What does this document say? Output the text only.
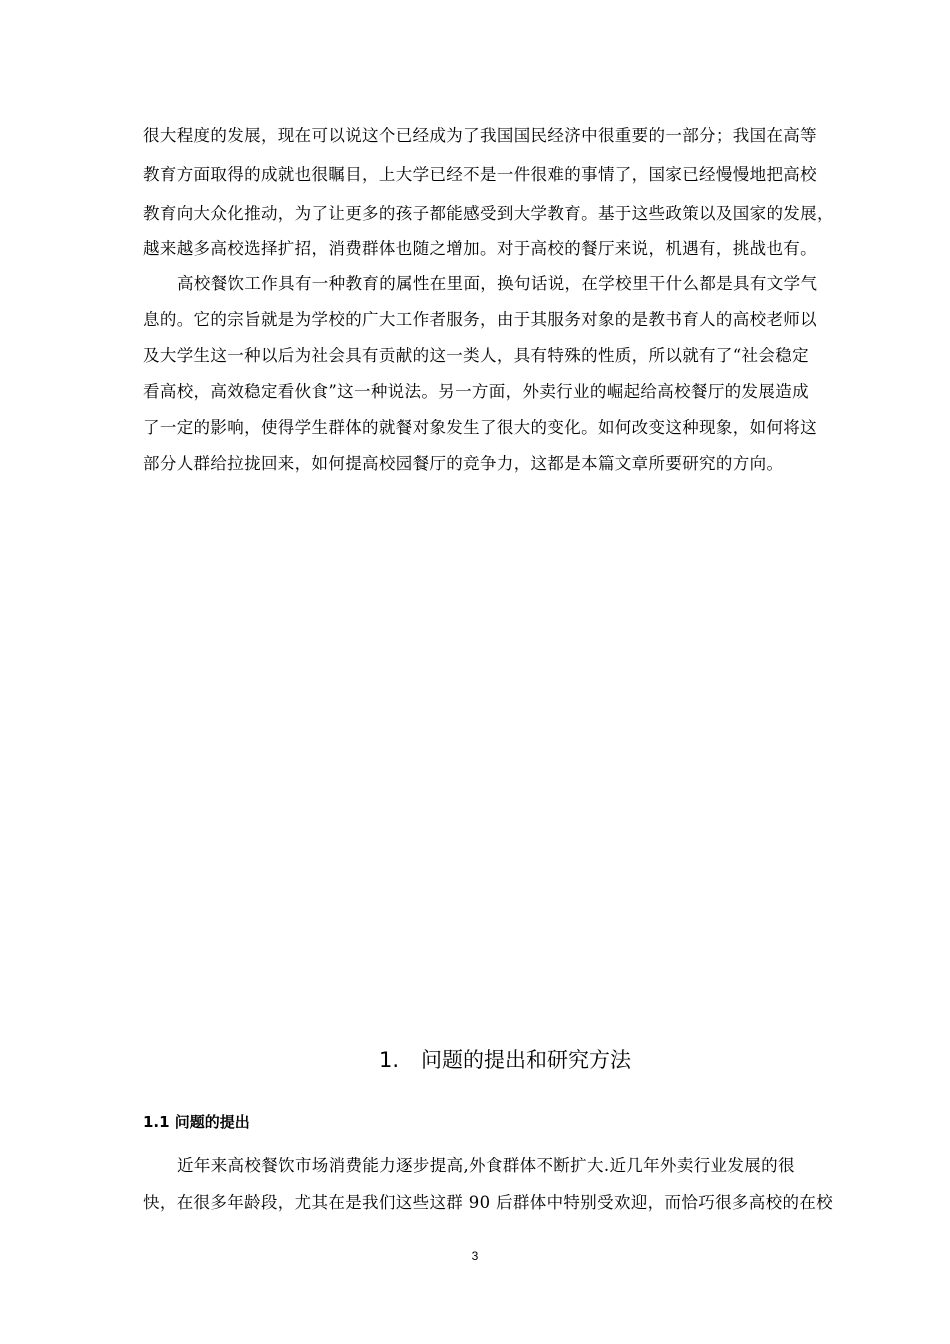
很大程度的发展，现在可以说这个已经成为了我国国民经济中很重要的一部分；我国在高等
教育方面取得的成就也很瞩目，上大学已经不是一件很难的事情了，国家已经慢慢地把高校
教育向大众化推动，为了让更多的孩子都能感受到大学教育。基于这些政策以及国家的发展，
越来越多高校选择扩招，消费群体也随之增加。对于高校的餐厅来说，机遇有，挑战也有。
高校餐饮工作具有一种教育的属性在里面，换句话说，在学校里干什么都是具有文学气
息的。它的宗旨就是为学校的广大工作者服务，由于其服务对象的是教书育人的高校老师以
及大学生这一种以后为社会具有贡献的这一类人，具有特殊的性质，所以就有了“社会稳定
看高校，高效稳定看伙食”这一种说法。另一方面，外卖行业的崛起给高校餐厅的发展造成
了一定的影响，使得学生群体的就餐对象发生了很大的变化。如何改变这种现象，如何将这
部分人群给拉拢回来，如何提高校园餐厅的竞争力，这都是本篇文章所要研究的方向。
1. 问题的提出和研究方法
1.1 问题的提出
近年来高校餐饮市场消费能力逐步提高,外食群体不断扩大.近几年外卖行业发展的很
快，在很多年龄段，尤其在是我们这些这群 90 后群体中特别受欢迎，而恰巧很多高校的在校
3
